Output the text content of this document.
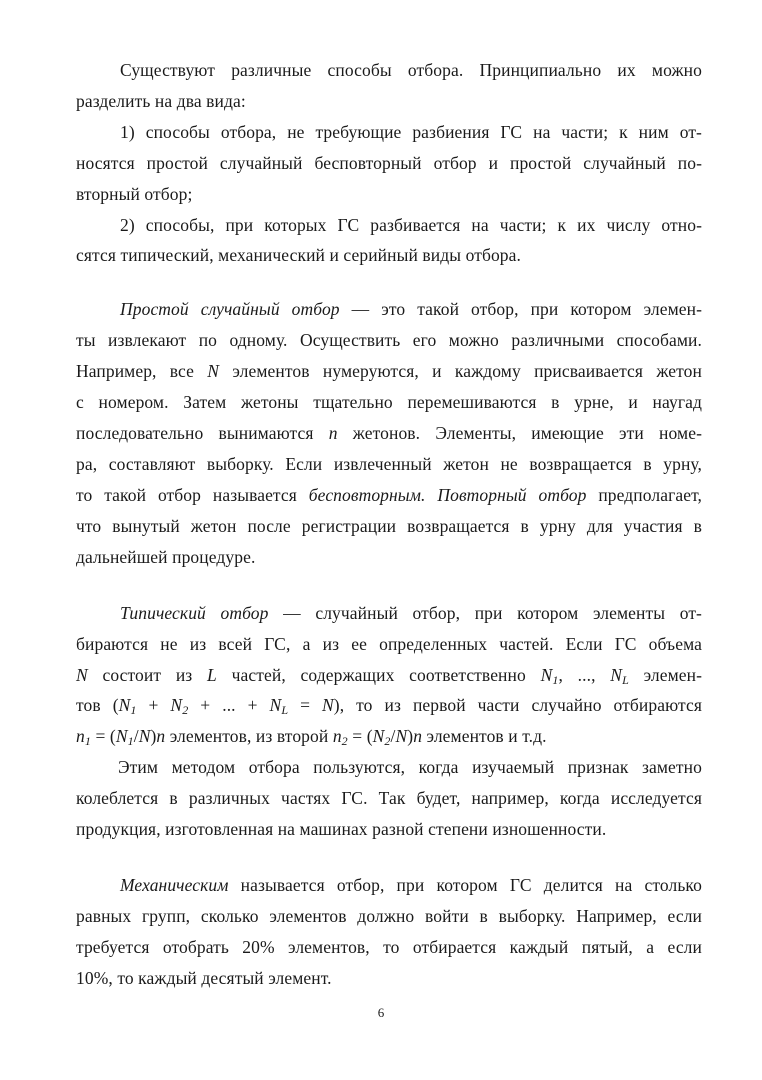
Существуют различные способы отбора. Принципиально их можно
разделить на два вида:
1) способы отбора, не требующие разбиения ГС на части; к ним от-
носятся простой случайный бесповторный отбор и простой случайный по-
вторный отбор;
2) способы, при которых ГС разбивается на части; к их числу отно-
сятся типический, механический и серийный виды отбора.
Простой случайный отбор — это такой отбор, при котором элемен-
ты извлекают по одному. Осуществить его можно различными способами.
Например, все N элементов нумеруются, и каждому присваивается жетон
с номером. Затем жетоны тщательно перемешиваются в урне, и наугад
последовательно вынимаются n жетонов. Элементы, имеющие эти номе-
ра, составляют выборку. Если извлеченный жетон не возвращается в урну,
то такой отбор называется бесповторным. Повторный отбор предполагает,
что вынутый жетон после регистрации возвращается в урну для участия в
дальнейшей процедуре.
Типический отбор — случайный отбор, при котором элементы от-
бираются не из всей ГС, а из ее определенных частей. Если ГС объема
N состоит из L частей, содержащих соответственно $N_1$, ..., $N_L$ элемен-
тов ($N_1 + N_2$ + ... + $N_L = N$), то из первой части случайно отбираются
$n_1 = (N_1/N)n$ элементов, из второй $n_2 = (N_2/N)n$ элементов и т.д.
Этим методом отбора пользуются, когда изучаемый признак заметно
колеблется в различных частях ГС. Так будет, например, когда исследуется
продукция, изготовленная на машинах разной степени изношенности.
Механическим называется отбор, при котором ГС делится на столько
равных групп, сколько элементов должно войти в выборку. Например, если
требуется отобрать 20% элементов, то отбирается каждый пятый, а если
10%, то каждый десятый элемент.
6
